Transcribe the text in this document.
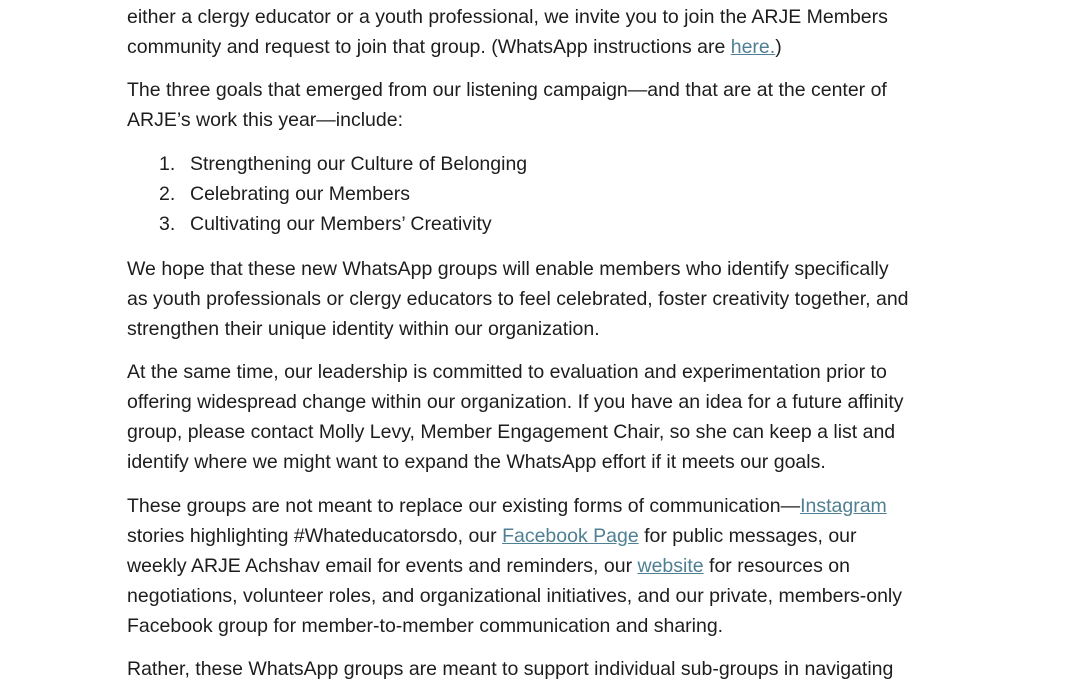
either a clergy educator or a youth professional, we invite you to join the ARJE Members
community and request to join that group. (WhatsApp instructions are here.)

The three goals that emerged from our listening campaign—and that are at the center of
ARJE’s work this year—include:

1. Strengthening our Culture of Belonging
2. Celebrating our Members
3. Cultivating our Members’ Creativity

We hope that these new WhatsApp groups will enable members who identify specifically
as youth professionals or clergy educators to feel celebrated, foster creativity together, and
strengthen their unique identity within our organization.

At the same time, our leadership is committed to evaluation and experimentation prior to
offering widespread change within our organization. If you have an idea for a future affinity
group, please contact Molly Levy, Member Engagement Chair, so she can keep a list and
identify where we might want to expand the WhatsApp effort if it meets our goals.

These groups are not meant to replace our existing forms of communication—Instagram
stories highlighting #Whateducatorsdo, our Facebook Page for public messages, our
weekly ARJE Achshav email for events and reminders, our website for resources on
negotiations, volunteer roles, and organizational initiatives, and our private, members-only
Facebook group for member-to-member communication and sharing.

Rather, these WhatsApp groups are meant to support individual sub-groups in navigating
